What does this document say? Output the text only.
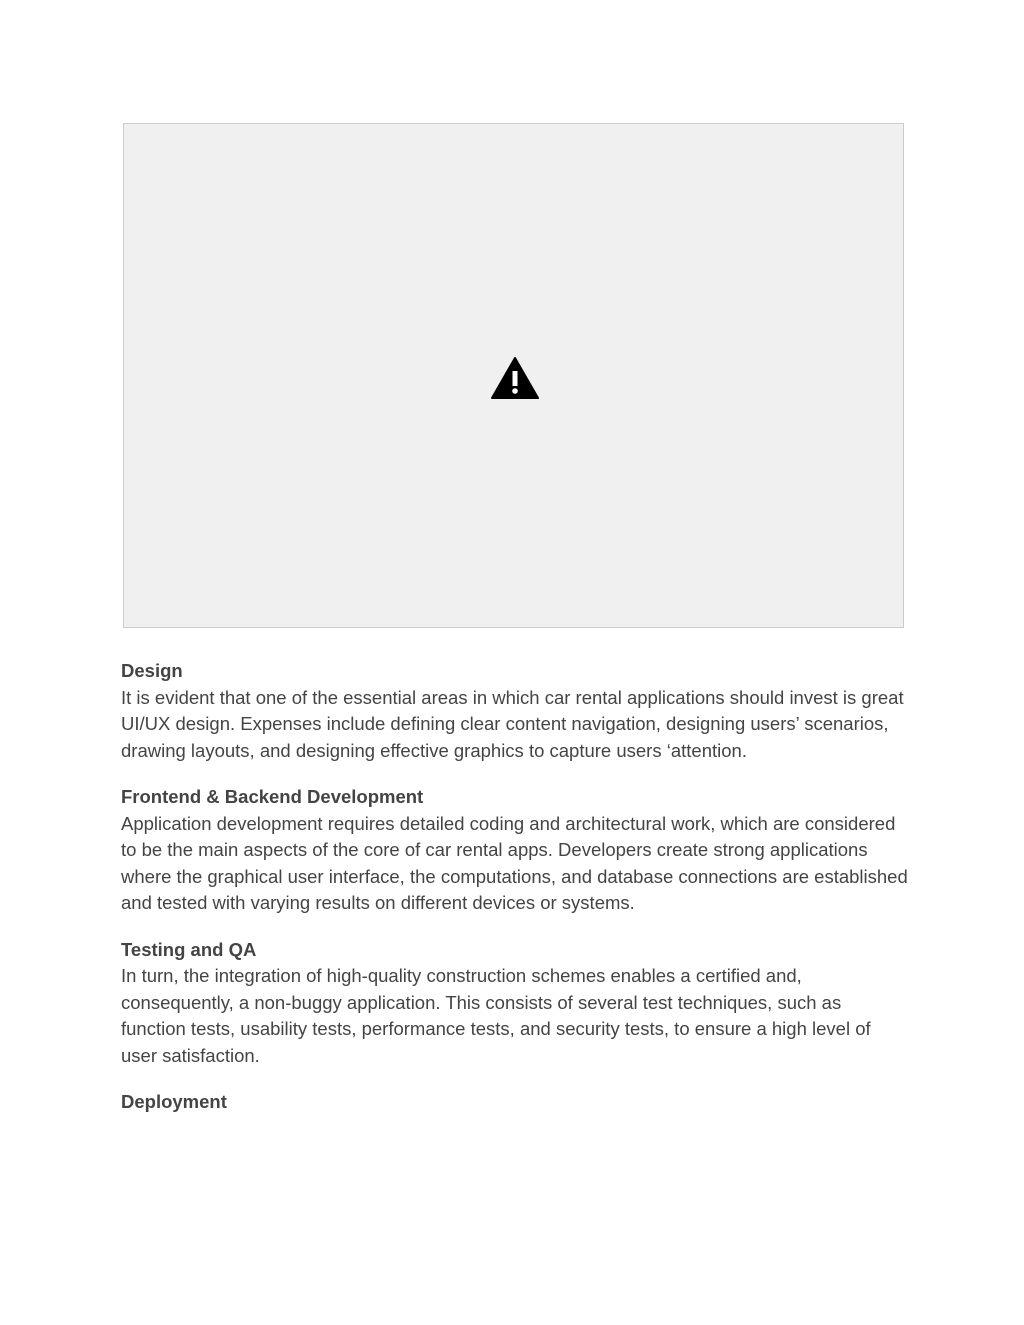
Design

It is evident that one of the essential areas in which car rental applications should invest is great UI/UX design. Expenses include defining clear content navigation, designing users’ scenarios, drawing layouts, and designing effective graphics to capture users ‘attention.

Frontend & Backend Development

Application development requires detailed coding and architectural work, which are considered to be the main aspects of the core of car rental apps. Developers create strong applications where the graphical user interface, the computations, and database connections are established and tested with varying results on different devices or systems.

Testing and QA

In turn, the integration of high-quality construction schemes enables a certified and, consequently, a non-buggy application. This consists of several test techniques, such as function tests, usability tests, performance tests, and security tests, to ensure a high level of user satisfaction.

Deployment
